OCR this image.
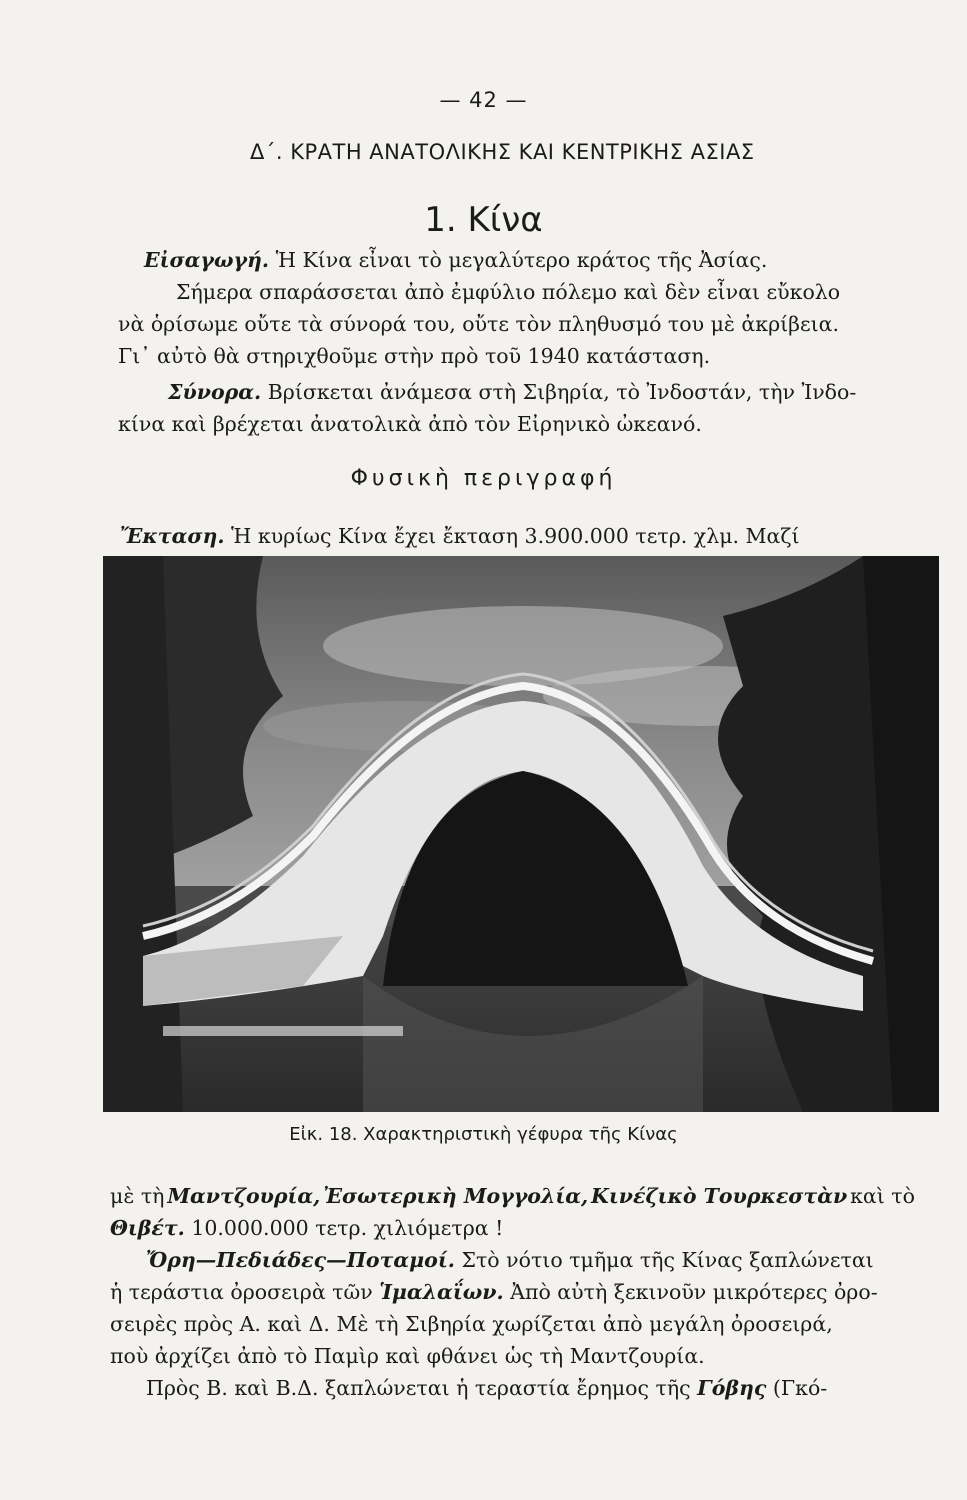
— 42 —
Δ΄. ΚΡΑΤΗ ΑΝΑΤΟΛΙΚΗΣ ΚΑΙ ΚΕΝΤΡΙΚΗΣ ΑΣΙΑΣ
1. Κίνα
Εἰσαγωγή. Ἡ Κίνα εἶναι τὸ μεγαλύτερο κράτος τῆς Ἀσίας.
Σήμερα σπαράσσεται ἀπὸ ἐμφύλιο πόλεμο καὶ δὲν εἶναι εὔκολο
νὰ ὁρίσωμε οὔτε τὰ σύνορά του, οὔτε τὸν πληθυσμό του μὲ ἀκρίβεια.
Γι᾽ αὐτὸ θὰ στηριχθοῦμε στὴν πρὸ τοῦ 1940 κατάσταση.
Σύνορα. Βρίσκεται ἀνάμεσα στὴ Σιβηρία, τὸ Ἰνδοστάν, τὴν Ἰνδο-
κίνα καὶ βρέχεται ἀνατολικὰ ἀπὸ τὸν Εἰρηνικὸ ὠκεανό.
Φυσικὴ περιγραφή
Ἔκταση. Ἡ κυρίως Κίνα ἔχει ἔκταση 3.900.000 τετρ. χλμ. Μαζί
Εἰκ. 18. Χαρακτηριστικὴ γέφυρα τῆς Κίνας
μὲ τὴ Μαντζουρία, Ἐσωτερικὴ Μογγολία, Κινέζικὸ Τουρκεστὰν καὶ τὸ
Θιβέτ. 10.000.000 τετρ. χιλιόμετρα !
Ὄρη—Πεδιάδες—Ποταμοί. Στὸ νότιο τμῆμα τῆς Κίνας ξαπλώνεται
ἡ τεράστια ὀροσειρὰ τῶν Ἱμαλαΐων. Ἀπὸ αὐτὴ ξεκινοῦν μικρότερες ὀρο-
σειρὲς πρὸς Α. καὶ Δ. Μὲ τὴ Σιβηρία χωρίζεται ἀπὸ μεγάλη ὀροσειρά,
ποὺ ἀρχίζει ἀπὸ τὸ Παμὶρ καὶ φθάνει ὡς τὴ Μαντζουρία.
Πρὸς Β. καὶ Β.Δ. ξαπλώνεται ἡ τεραστία ἔρημος τῆς Γόβης (Γκό-
